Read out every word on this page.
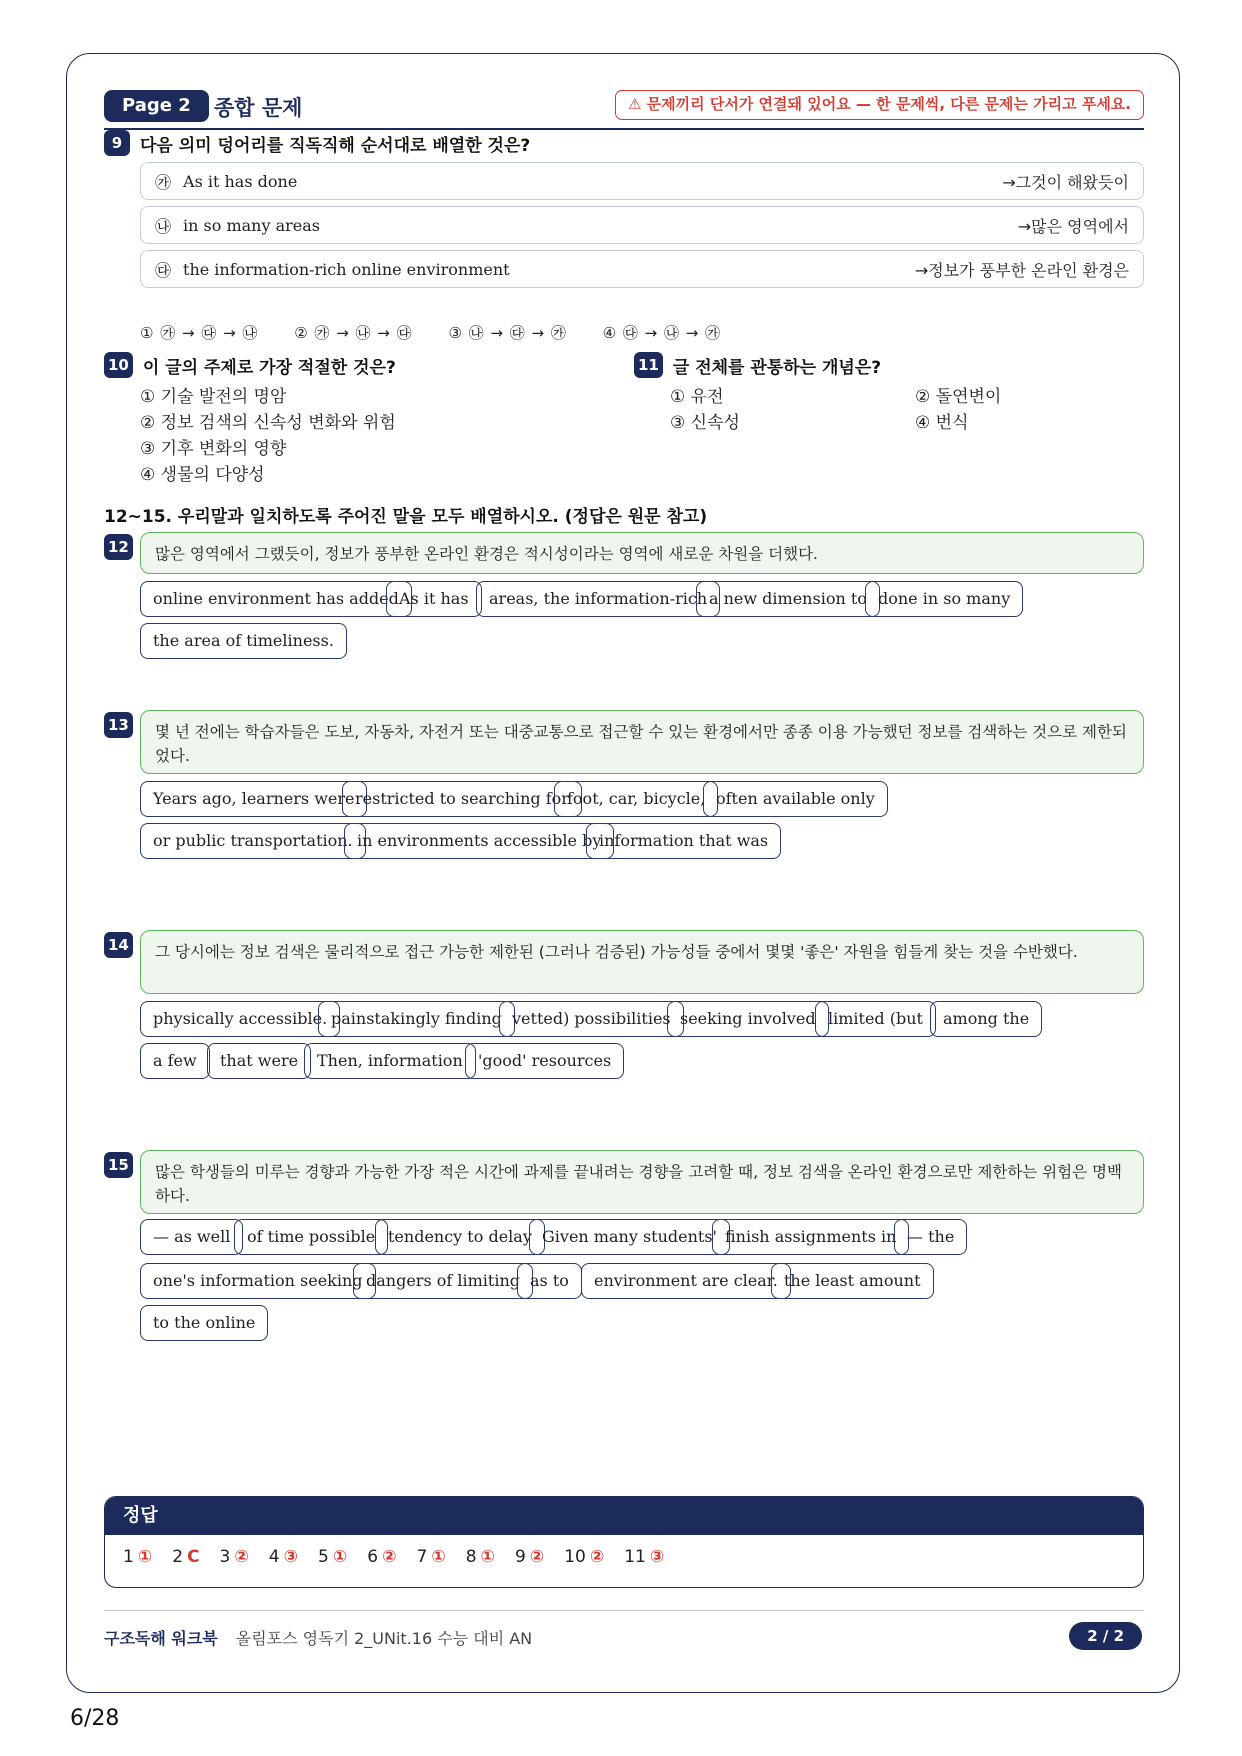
Page 2	종합 문제	⚠ 문제끼리 단서가 연결돼 있어요 — 한 문제씩, 다른 문제는 가리고 푸세요.
9	다음 의미 덩어리를 직독직해 순서대로 배열한 것은?
㉮ As it has done	→그것이 해왔듯이
㉯ in so many areas	→많은 영역에서
㉰ the information-rich online environment	→정보가 풍부한 온라인 환경은
① ㉮ → ㉰ → ㉯ ② ㉮ → ㉯ → ㉰ ③ ㉯ → ㉰ → ㉮ ④ ㉰ → ㉯ → ㉮
10 이 글의 주제로 가장 적절한 것은?
① 기술 발전의 명암
② 정보 검색의 신속성 변화와 위험
③ 기후 변화의 영향
④ 생물의 다양성
11 글 전체를 관통하는 개념은?
① 유전
③ 신속성
② 돌연변이
④ 번식
12~15. 우리말과 일치하도록 주어진 말을 모두 배열하시오. (정답은 원문 참고)
12	많은 영역에서 그랬듯이, 정보가 풍부한 온라인 환경은 적시성이라는 영역에 새로운 차원을 더했다.
online environment has added As it has	areas, the information-rich a new dimension to done in so many
the area of timeliness.
13	몇 년 전에는 학습자들은 도보, 자동차, 자전거 또는 대중교통으로 접근할 수 있는 환경에서만 종종 이용 가능했던 정보를 검색하는 것으로 제한되었다.
Years ago, learners were restricted to searching for
foot, car, bicycle, often available only
or public transportation. in environments accessible by
information that was
14	그 당시에는 정보 검색은 물리적으로 접근 가능한 제한된 (그러나 검증된) 가능성들 중에서 몇몇 '좋은' 자원을 힘들게 찾는 것을 수반했다.
physically accessible. painstakingly finding vetted) possibilities seeking involved limited (but	among the
a few	that were	Then, information 'good' resources
15	많은 학생들의 미루는 경향과 가능한 가장 적은 시간에 과제를 끝내려는 경향을 고려할 때, 정보 검색을 온라인 환경으로만 제한하는 위험은 명백하다.
— as well	of time possible tendency to delay Given many students' finish assignments in — the
one's information seeking dangers of limiting as to	environment are clear. the least amount
to the online
정답
1 ① 2 C 3 ② 4 ③ 5 ① 6 ② 7 ① 8 ① 9 ② 10 ② 11 ③
구조독해 워크북 올림포스 영독기 2_UNit.16 수능 대비 AN	2 / 2
6/28
